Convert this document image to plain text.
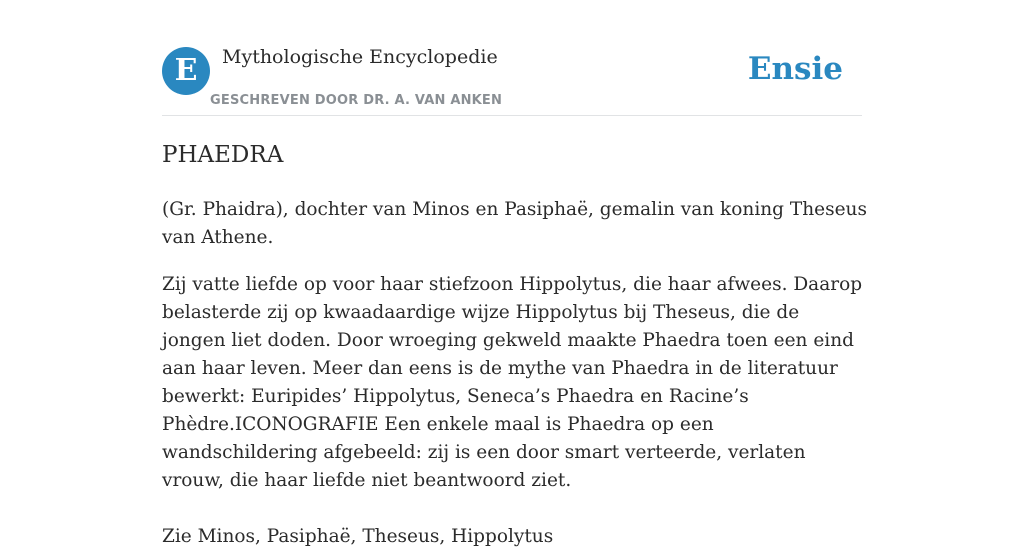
E	Mythologische Encyclopedie
GESCHREVEN DOOR DR. A. VAN ANKEN
Ensie
PHAEDRA

(Gr. Phaidra), dochter van Minos en Pasiphaë, gemalin van koning Theseus van Athene.

Zij vatte liefde op voor haar stiefzoon Hippolytus, die haar afwees. Daarop belasterde zij op kwaadaardige wijze Hippolytus bij Theseus, die de jongen liet doden. Door wroeging gekweld maakte Phaedra toen een eind aan haar leven. Meer dan eens is de mythe van Phaedra in de literatuur bewerkt: Euripides’ Hippolytus, Seneca’s Phaedra en Racine’s Phèdre.ICONOGRAFIE Een enkele maal is Phaedra op een wandschildering afgebeeld: zij is een door smart verteerde, verlaten vrouw, die haar liefde niet beantwoord ziet.

Zie Minos, Pasiphaë, Theseus, Hippolytus
